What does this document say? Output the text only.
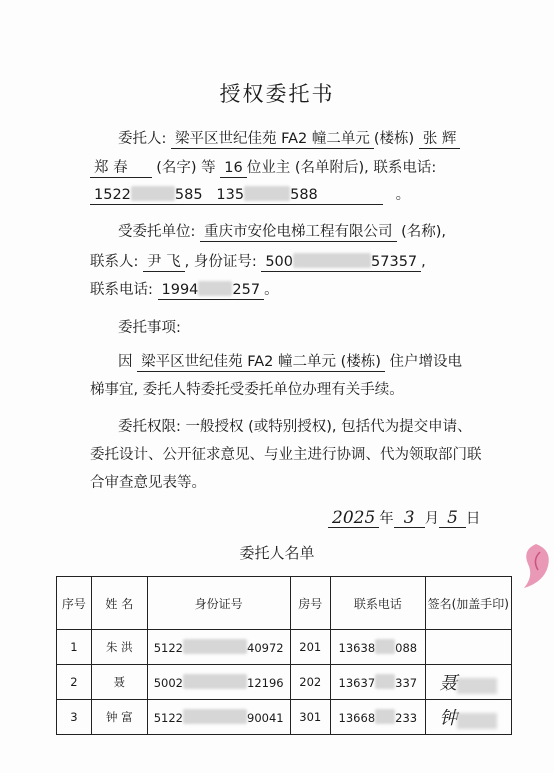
授权委托书
委托人: 梁平区世纪佳苑 FA2 幢二单元 (楼栋) 张 辉
郑 春 (名字) 等 16 位业主 (名单附后), 联系电话:
1522	585 135	588	。
受委托单位: 重庆市安伦电梯工程有限公司 (名称),
联系人: 尹 飞 , 身份证号: 500	57357 ,
联系电话: 1994 257 。
委托事项:
因 梁平区世纪佳苑 FA2 幢二单元 (楼栋) 住户增设电
梯事宜, 委托人特委托受委托单位办理有关手续。
委托权限: 一般授权 (或特别授权), 包括代为提交申请、
委托设计、公开征求意见、与业主进行协调、代为领取部门联
合审查意见表等。
2025 年 3 月 5 日
委托人名单
序号	姓 名	身份证号	房号	联系电话	签名(加盖手印)
1	朱 洪	5122 40972	201	13638 088	
2	聂	5002 12196	202	13637 337	聂
3	钟 富	5122 90041	301	13668 233	钟
